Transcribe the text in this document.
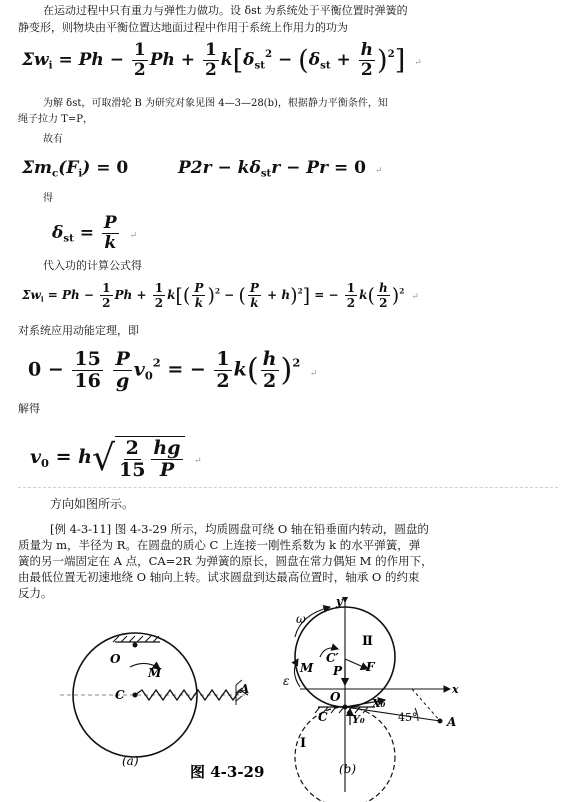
在运动过程中只有重力与弹性力做功。设 δst 为系统处于平衡位置时弹簧的
静变形，则物块由平衡位置达地面过程中作用于系统上作用力的功为
$\Sigma w_i = Ph - \frac{1}{2}$ $Ph + \frac{1}{2} k[\delta_{st}^2 - (\delta_{st} + \frac{h}{2} )^2]$ ↵
为解 δst，可取滑轮 B 为研究对象见图 4—3—28(b)，根据静力平衡条件，知
绳子拉力 T=P，
故有
$\Sigma m_c(F_i) = 0$	$P2r - k\delta_{st}r - Pr = 0$ ↵
得
$\delta_{st} = \frac{P}{k}$ ↵
代入功的计算公式得
$\Sigma w_i = Ph - \frac{1}{2}$ $Ph + \frac{1}{2} k[( \frac{P}{k} )^2$ − ( $\frac{P}{k} + h)^2$] = − $\frac{1}{2} k( \frac{h}{2} )^2$ ↵
对系统应用动能定理，即
$0 - \frac{15}{16}$
$\frac{P}{g} v_0^2$ = − $\frac{1}{2} k( \frac{h}{2} )^2$ ↵
解得
$v_0 = h$ √ $\frac{2}{15} \frac{hg}{P}$ ↵
方向如图所示。
[例 4-3-11] 图 4-3-29 所示，均质圆盘可绕 O 轴在铅垂面内转动，圆盘的
质量为 m，半径为 R。在圆盘的质心 C 上连接一刚性系数为 k 的水平弹簧，弹
簧的另一端固定在 A 点，CA=2R 为弹簧的原长，圆盘在常力偶矩 M 的作用下，
由最低位置无初速地绕 O 轴向上转。试求圆盘到达最高位置时，轴承 O 的约束
反力。
O
M
C	A
(a)
y
x
ω
ε
Ⅱ
C′
M P F
O
C
X₀
Y₀	45° A
Ⅰ
(b)
图 4-3-29
